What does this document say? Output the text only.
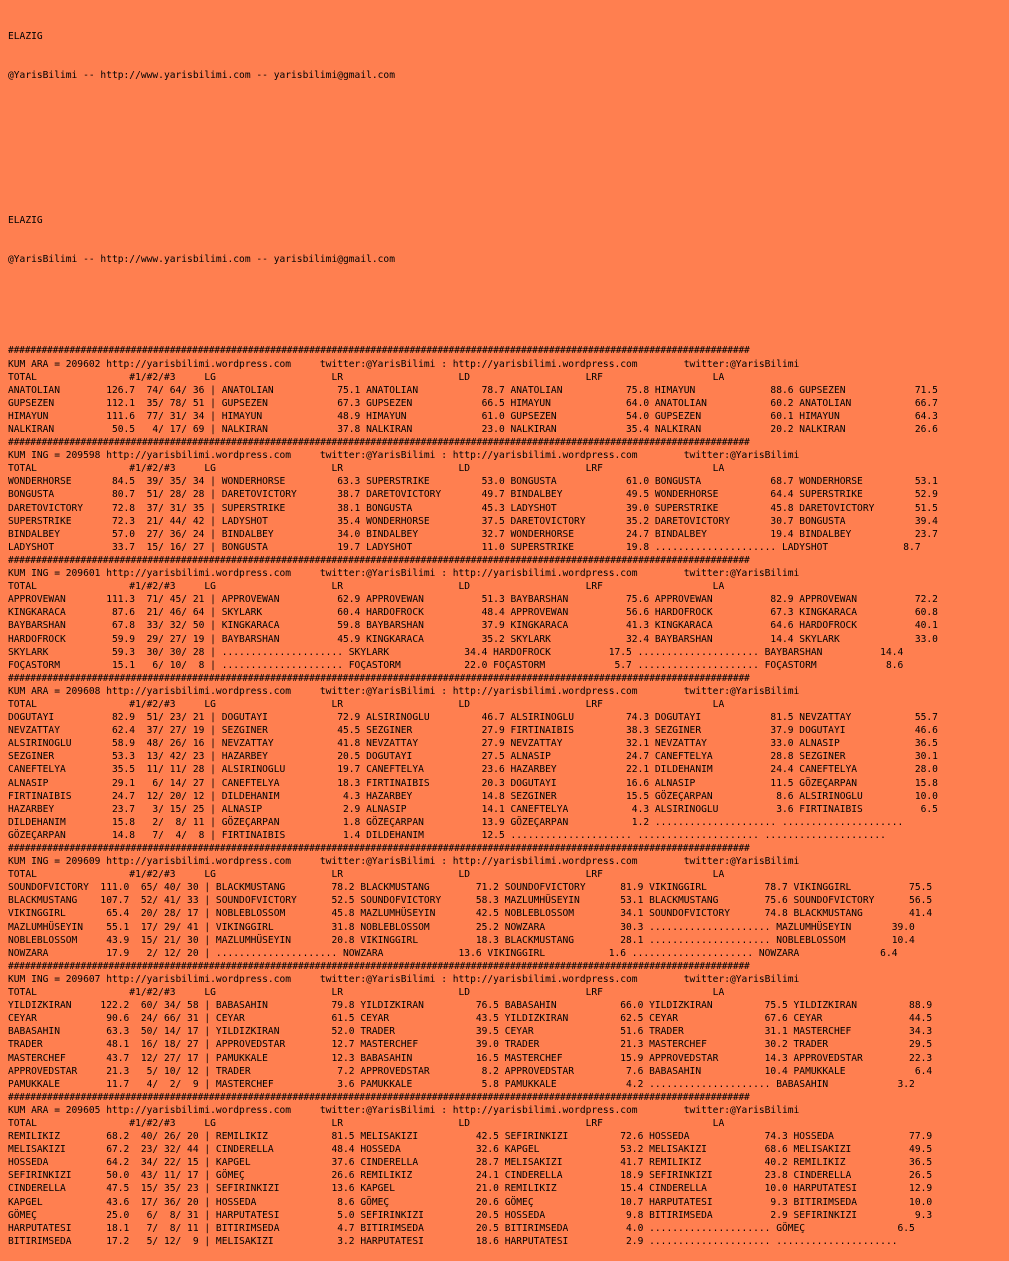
ELAZIG

@YarisBilimi -- http://www.yarisbilimi.com -- yarisbilimi@gmail.com

ELAZIG

@YarisBilimi -- http://www.yarisbilimi.com -- yarisbilimi@gmail.com

#####################################################################################################################################
KUM ARA = 209602 http://yarisbilimi.wordpress.com     twitter:@YarisBilimi : http://yarisbilimi.wordpress.com        twitter:@YarisBilimi
TOTAL                #1/#2/#3     LG                    LR                    LD                    LRF                   LA
ANATOLIAN        126.7  74/ 64/ 36 | ANATOLIAN           75.1 ANATOLIAN           78.7 ANATOLIAN           75.8 HIMAYUN             88.6 GUPSEZEN            71.5
GUPSEZEN         112.1  35/ 78/ 51 | GUPSEZEN            67.3 GUPSEZEN            66.5 HIMAYUN             64.0 ANATOLIAN           60.2 ANATOLIAN           66.7
HIMAYUN          111.6  77/ 31/ 34 | HIMAYUN             48.9 HIMAYUN             61.0 GUPSEZEN            54.0 GUPSEZEN            60.1 HIMAYUN             64.3
NALKIRAN          50.5   4/ 17/ 69 | NALKIRAN            37.8 NALKIRAN            23.0 NALKIRAN            35.4 NALKIRAN            20.2 NALKIRAN            26.6
#####################################################################################################################################
KUM ING = 209598 http://yarisbilimi.wordpress.com     twitter:@YarisBilimi : http://yarisbilimi.wordpress.com        twitter:@YarisBilimi
TOTAL                #1/#2/#3     LG                    LR                    LD                    LRF                   LA
WONDERHORSE       84.5  39/ 35/ 34 | WONDERHORSE         63.3 SUPERSTRIKE         53.0 BONGUSTA            61.0 BONGUSTA            68.7 WONDERHORSE         53.1
BONGUSTA          80.7  51/ 28/ 28 | DARETOVICTORY       38.7 DARETOVICTORY       49.7 BINDALBEY           49.5 WONDERHORSE         64.4 SUPERSTRIKE         52.9
DARETOVICTORY     72.8  37/ 31/ 35 | SUPERSTRIKE         38.1 BONGUSTA            45.3 LADYSHOT            39.0 SUPERSTRIKE         45.8 DARETOVICTORY       51.5
SUPERSTRIKE       72.3  21/ 44/ 42 | LADYSHOT            35.4 WONDERHORSE         37.5 DARETOVICTORY       35.2 DARETOVICTORY       30.7 BONGUSTA            39.4
BINDALBEY         57.0  27/ 36/ 24 | BINDALBEY           34.0 BINDALBEY           32.7 WONDERHORSE         24.7 BINDALBEY           19.4 BINDALBEY           23.7
LADYSHOT          33.7  15/ 16/ 27 | BONGUSTA            19.7 LADYSHOT            11.0 SUPERSTRIKE         19.8 ..................... LADYSHOT             8.7
#####################################################################################################################################
KUM ING = 209601 http://yarisbilimi.wordpress.com     twitter:@YarisBilimi : http://yarisbilimi.wordpress.com        twitter:@YarisBilimi
TOTAL                #1/#2/#3     LG                    LR                    LD                    LRF                   LA
APPROVEWAN       111.3  71/ 45/ 21 | APPROVEWAN          62.9 APPROVEWAN          51.3 BAYBARSHAN          75.6 APPROVEWAN          82.9 APPROVEWAN          72.2
KINGKARACA        87.6  21/ 46/ 64 | SKYLARK             60.4 HARDOFROCK          48.4 APPROVEWAN          56.6 HARDOFROCK          67.3 KINGKARACA          60.8
BAYBARSHAN        67.8  33/ 32/ 50 | KINGKARACA          59.8 BAYBARSHAN          37.9 KINGKARACA          41.3 KINGKARACA          64.6 HARDOFROCK          40.1
HARDOFROCK        59.9  29/ 27/ 19 | BAYBARSHAN          45.9 KINGKARACA          35.2 SKYLARK             32.4 BAYBARSHAN          14.4 SKYLARK             33.0
SKYLARK           59.3  30/ 30/ 28 | ..................... SKYLARK             34.4 HARDOFROCK          17.5 ..................... BAYBARSHAN          14.4
FOÇASTORM         15.1   6/ 10/  8 | ..................... FOÇASTORM           22.0 FOÇASTORM            5.7 ..................... FOÇASTORM            8.6
#####################################################################################################################################
KUM ARA = 209608 http://yarisbilimi.wordpress.com     twitter:@YarisBilimi : http://yarisbilimi.wordpress.com        twitter:@YarisBilimi
TOTAL                #1/#2/#3     LG                    LR                    LD                    LRF                   LA
DOGUTAYI          82.9  51/ 23/ 21 | DOGUTAYI            72.9 ALSIRINOGLU         46.7 ALSIRINOGLU         74.3 DOGUTAYI            81.5 NEVZATTAY           55.7
NEVZATTAY         62.4  37/ 27/ 19 | SEZGINER            45.5 SEZGINER            27.9 FIRTINAIBIS         38.3 SEZGINER            37.9 DOGUTAYI            46.6
ALSIRINOGLU       58.9  48/ 26/ 16 | NEVZATTAY           41.8 NEVZATTAY           27.9 NEVZATTAY           32.1 NEVZATTAY           33.0 ALNASIP             36.5
SEZGINER          53.3  13/ 42/ 23 | HAZARBEY            20.5 DOGUTAYI            27.5 ALNASIP             24.7 CANEFTELYA          28.8 SEZGINER            30.1
CANEFTELYA        35.5  11/ 11/ 28 | ALSIRINOGLU         19.7 CANEFTELYA          23.6 HAZARBEY            22.1 DILDEHANIM          24.4 CANEFTELYA          28.0
ALNASIP           29.1   6/ 14/ 27 | CANEFTELYA          18.3 FIRTINAIBIS         20.3 DOGUTAYI            16.6 ALNASIP             11.5 GÖZEÇARPAN          15.8
FIRTINAIBIS       24.7  12/ 20/ 12 | DILDEHANIM           4.3 HAZARBEY            14.8 SEZGINER            15.5 GÖZEÇARPAN           8.6 ALSIRINOGLU         10.0
HAZARBEY          23.7   3/ 15/ 25 | ALNASIP              2.9 ALNASIP             14.1 CANEFTELYA           4.3 ALSIRINOGLU          3.6 FIRTINAIBIS          6.5
DILDEHANIM        15.8   2/  8/ 11 | GÖZEÇARPAN           1.8 GÖZEÇARPAN          13.9 GÖZEÇARPAN           1.2 ..................... .....................
GÖZEÇARPAN        14.8   7/  4/  8 | FIRTINAIBIS          1.4 DILDEHANIM          12.5 ..................... ..................... .....................
#####################################################################################################################################
KUM ING = 209609 http://yarisbilimi.wordpress.com     twitter:@YarisBilimi : http://yarisbilimi.wordpress.com        twitter:@YarisBilimi
TOTAL                #1/#2/#3     LG                    LR                    LD                    LRF                   LA
SOUNDOFVICTORY  111.0  65/ 40/ 30 | BLACKMUSTANG        78.2 BLACKMUSTANG        71.2 SOUNDOFVICTORY      81.9 VIKINGGIRL          78.7 VIKINGGIRL          75.5
BLACKMUSTANG    107.7  52/ 41/ 33 | SOUNDOFVICTORY      52.5 SOUNDOFVICTORY      58.3 MAZLUMHÜSEYIN       53.1 BLACKMUSTANG        75.6 SOUNDOFVICTORY      56.5
VIKINGGIRL       65.4  20/ 28/ 17 | NOBLEBLOSSOM        45.8 MAZLUMHÜSEYIN       42.5 NOBLEBLOSSOM        34.1 SOUNDOFVICTORY      74.8 BLACKMUSTANG        41.4
MAZLUMHÜSEYIN    55.1  17/ 29/ 41 | VIKINGGIRL          31.8 NOBLEBLOSSOM        25.2 NOWZARA             30.3 ..................... MAZLUMHÜSEYIN       39.0
NOBLEBLOSSOM     43.9  15/ 21/ 30 | MAZLUMHÜSEYIN       20.8 VIKINGGIRL          18.3 BLACKMUSTANG        28.1 ..................... NOBLEBLOSSOM        10.4
NOWZARA          17.9   2/ 12/ 20 | ..................... NOWZARA             13.6 VIKINGGIRL           1.6 ..................... NOWZARA              6.4
#####################################################################################################################################
KUM ING = 209607 http://yarisbilimi.wordpress.com     twitter:@YarisBilimi : http://yarisbilimi.wordpress.com        twitter:@YarisBilimi
TOTAL                #1/#2/#3     LG                    LR                    LD                    LRF                   LA
YILDIZKIRAN     122.2  60/ 34/ 58 | BABASAHIN           79.8 YILDIZKIRAN         76.5 BABASAHIN           66.0 YILDIZKIRAN         75.5 YILDIZKIRAN         88.9
CEYAR            90.6  24/ 66/ 31 | CEYAR               61.5 CEYAR               43.5 YILDIZKIRAN         62.5 CEYAR               67.6 CEYAR               44.5
BABASAHIN        63.3  50/ 14/ 17 | YILDIZKIRAN         52.0 TRADER              39.5 CEYAR               51.6 TRADER              31.1 MASTERCHEF          34.3
TRADER           48.1  16/ 18/ 27 | APPROVEDSTAR        12.7 MASTERCHEF          39.0 TRADER              21.3 MASTERCHEF          30.2 TRADER              29.5
MASTERCHEF       43.7  12/ 27/ 17 | PAMUKKALE           12.3 BABASAHIN           16.5 MASTERCHEF          15.9 APPROVEDSTAR        14.3 APPROVEDSTAR        22.3
APPROVEDSTAR     21.3   5/ 10/ 12 | TRADER               7.2 APPROVEDSTAR         8.2 APPROVEDSTAR         7.6 BABASAHIN           10.4 PAMUKKALE            6.4
PAMUKKALE        11.7   4/  2/  9 | MASTERCHEF           3.6 PAMUKKALE            5.8 PAMUKKALE            4.2 ..................... BABASAHIN            3.2
#####################################################################################################################################
KUM ARA = 209605 http://yarisbilimi.wordpress.com     twitter:@YarisBilimi : http://yarisbilimi.wordpress.com        twitter:@YarisBilimi
TOTAL                #1/#2/#3     LG                    LR                    LD                    LRF                   LA
REMILIKIZ        68.2  40/ 26/ 20 | REMILIKIZ           81.5 MELISAKIZI          42.5 SEFIRINKIZI         72.6 HOSSEDA             74.3 HOSSEDA             77.9
MELISAKIZI       67.2  23/ 32/ 44 | CINDERELLA          48.4 HOSSEDA             32.6 KAPGEL              53.2 MELISAKIZI          68.6 MELISAKIZI          49.5
HOSSEDA          64.2  34/ 22/ 15 | KAPGEL              37.6 CINDERELLA          28.7 MELISAKIZI          41.7 REMILIKIZ           40.2 REMILIKIZ           36.5
SEFIRINKIZI      50.0  43/ 11/ 17 | GÖMEÇ               26.6 REMILIKIZ           24.1 CINDERELLA          18.9 SEFIRINKIZI         23.8 CINDERELLA          26.5
CINDERELLA       47.5  15/ 35/ 23 | SEFIRINKIZI         13.6 KAPGEL              21.0 REMILIKIZ           15.4 CINDERELLA          10.0 HARPUTATESI         12.9
KAPGEL           43.6  17/ 36/ 20 | HOSSEDA              8.6 GÖMEÇ               20.6 GÖMEÇ               10.7 HARPUTATESI          9.3 BITIRIMSEDA         10.0
GÖMEÇ            25.0   6/  8/ 31 | HARPUTATESI          5.0 SEFIRINKIZI         20.5 HOSSEDA              9.8 BITIRIMSEDA          2.9 SEFIRINKIZI          9.3
HARPUTATESI      18.1   7/  8/ 11 | BITIRIMSEDA          4.7 BITIRIMSEDA         20.5 BITIRIMSEDA          4.0 ..................... GÖMEÇ                6.5
BITIRIMSEDA      17.2   5/ 12/  9 | MELISAKIZI           3.2 HARPUTATESI         18.6 HARPUTATESI          2.9 ..................... .....................
